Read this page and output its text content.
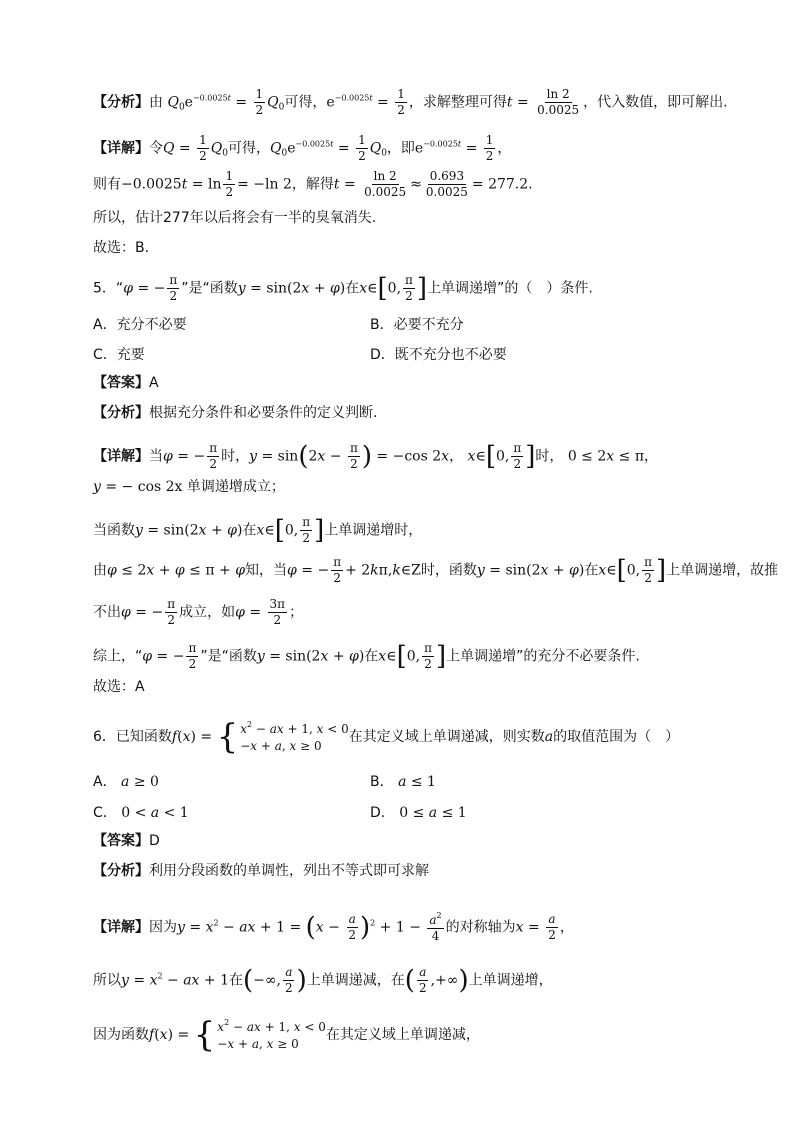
【分析】由 $Q_0e^{-0.0025t} = \frac{1}{2} Q_0$可得，$e^{-0.0025t} = \frac{1}{2}$ ，求解整理可得$t = \frac{\ln 2}{0.0025}$ ，代入数值，即可解出.
【详解】令$Q = \frac{1}{2} Q_0$可得，$Q_0e^{-0.0025t} = \frac{1}{2} Q_0$，即$e^{-0.0025t} = \frac{1}{2}$ ，
则有$-0.0025t = \ln \frac{1}{2} = -\ln$ 2，解得$t = \frac{\ln 2}{0.0025} \approx \frac{0.693}{0.0025} = 277.2$.
所以，估计277年以后将会有一半的臭氧消失.
故选：B.
5．“φ = − $\frac{\pi}{2}$ ”是“函数y = sin(2x + φ)在x∈[0, $\frac{\pi}{2}$ ]上单调递增”的（　）条件.
A．充分不必要	B．必要不充分
C．充要	D．既不充分也不必要
【答案】A
【分析】根据充分条件和必要条件的定义判断.
【详解】当φ = − $\frac{\pi}{2}$ 时，$y = \sin(2x - \frac{\pi}{2}$ ) = −cos 2x， x∈[0, $\frac{\pi}{2}$ ]时， 0 ≤ 2x ≤ π，
y = − cos 2x 单调递增成立；
当函数y = sin(2x + φ)在x∈[0, $\frac{\pi}{2}$ ]上单调递增时，
由φ ≤ 2x + φ ≤ π + φ知，当φ = − $\frac{\pi}{2}$ + 2kπ,k∈Z时，函数y = sin(2x + φ)在x∈[0, $\frac{\pi}{2}$ ]上单调递增，故推
不出φ = − $\frac{\pi}{2}$ 成立，如$\varphi = \frac{3\pi}{2}$ ；
综上，“φ = − $\frac{\pi}{2}$ ”是“函数y = sin(2x + φ)在x∈[0, $\frac{\pi}{2}$ ]上单调递增”的充分不必要条件.
故选：A
6．已知函数f(x) = { $x^2$ − ax + 1, x < 0
−x + a, x ≥ 0
在其定义域上单调递减，则实数a的取值范围为（　）
A． a ≥ 0	B． a ≤ 1
C． 0 < a < 1	D． 0 ≤ a ≤ 1
【答案】D
【分析】利用分段函数的单调性，列出不等式即可求解
【详解】因为$y = x^2$ − ax + $1 = (x - \frac{a}{2} )^2 + 1 - \frac{a^2}{4}$ 的对称轴为$x = \frac{a}{2}$ ，
所以$y = x^2$ − ax + 1在(−∞, $\frac{a}{2}$ )上单调递减，在( $\frac{a}{2}$ ,+∞)上单调递增，
因为函数f(x) = { $x^2$ − ax + 1, x < 0
−x + a, x ≥ 0
在其定义域上单调递减，
